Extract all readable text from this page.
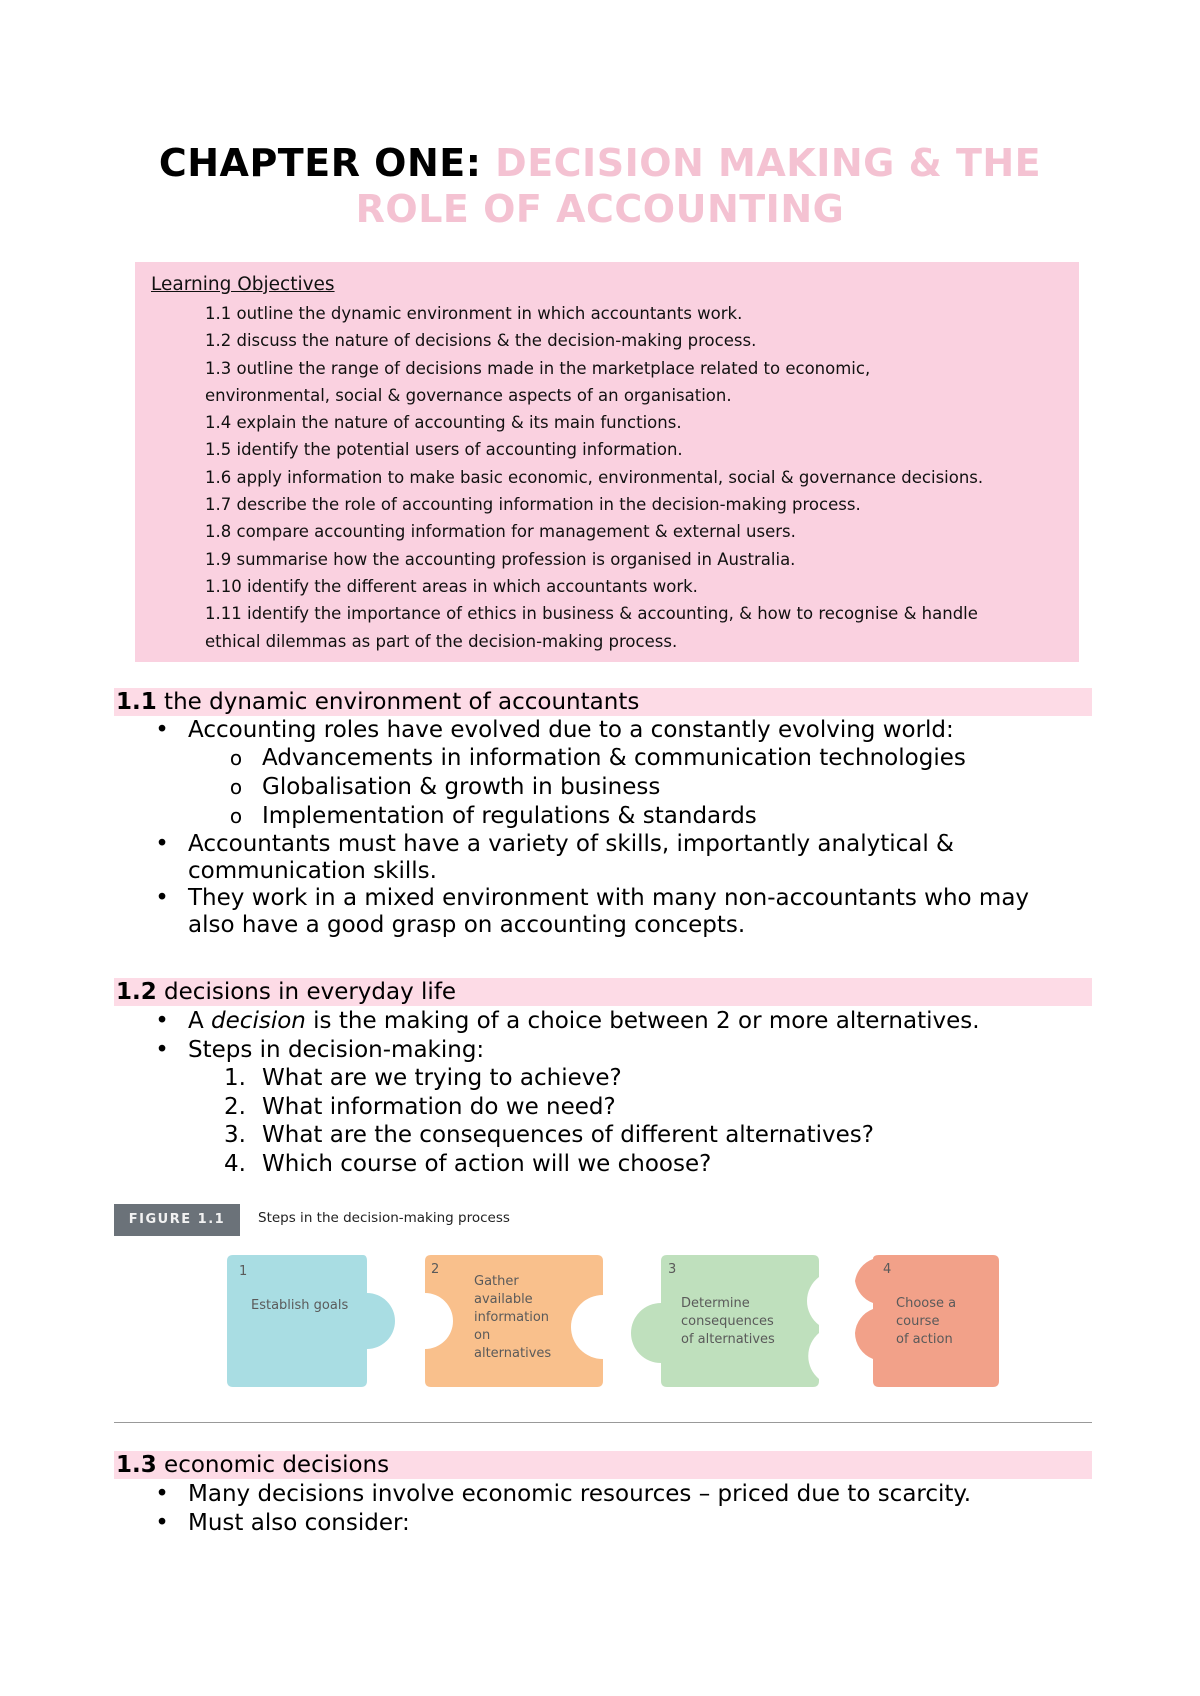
CHAPTER ONE: DECISION MAKING & THE
ROLE OF ACCOUNTING
Learning Objectives
1.1 outline the dynamic environment in which accountants work.
1.2 discuss the nature of decisions & the decision-making process.
1.3 outline the range of decisions made in the marketplace related to economic,
environmental, social & governance aspects of an organisation.
1.4 explain the nature of accounting & its main functions.
1.5 identify the potential users of accounting information.
1.6 apply information to make basic economic, environmental, social & governance decisions.
1.7 describe the role of accounting information in the decision-making process.
1.8 compare accounting information for management & external users.
1.9 summarise how the accounting profession is organised in Australia.
1.10 identify the different areas in which accountants work.
1.11 identify the importance of ethics in business & accounting, & how to recognise & handle
ethical dilemmas as part of the decision-making process.
1.1 the dynamic environment of accountants
• Accounting roles have evolved due to a constantly evolving world:
o Advancements in information & communication technologies
o Globalisation & growth in business
o Implementation of regulations & standards
• Accountants must have a variety of skills, importantly analytical &
communication skills.
• They work in a mixed environment with many non-accountants who may
also have a good grasp on accounting concepts.
1.2 decisions in everyday life
• A decision is the making of a choice between 2 or more alternatives.
• Steps in decision-making:
1. What are we trying to achieve?
2. What information do we need?
3. What are the consequences of different alternatives?
4. Which course of action will we choose?
FIGURE 1.1	Steps in the decision-making process
1
Establish goals
2
Gather
available
information
on
alternatives
3
Determine
consequences
of alternatives
4
Choose a
course
of action
1.3 economic decisions
• Many decisions involve economic resources – priced due to scarcity.
• Must also consider:
